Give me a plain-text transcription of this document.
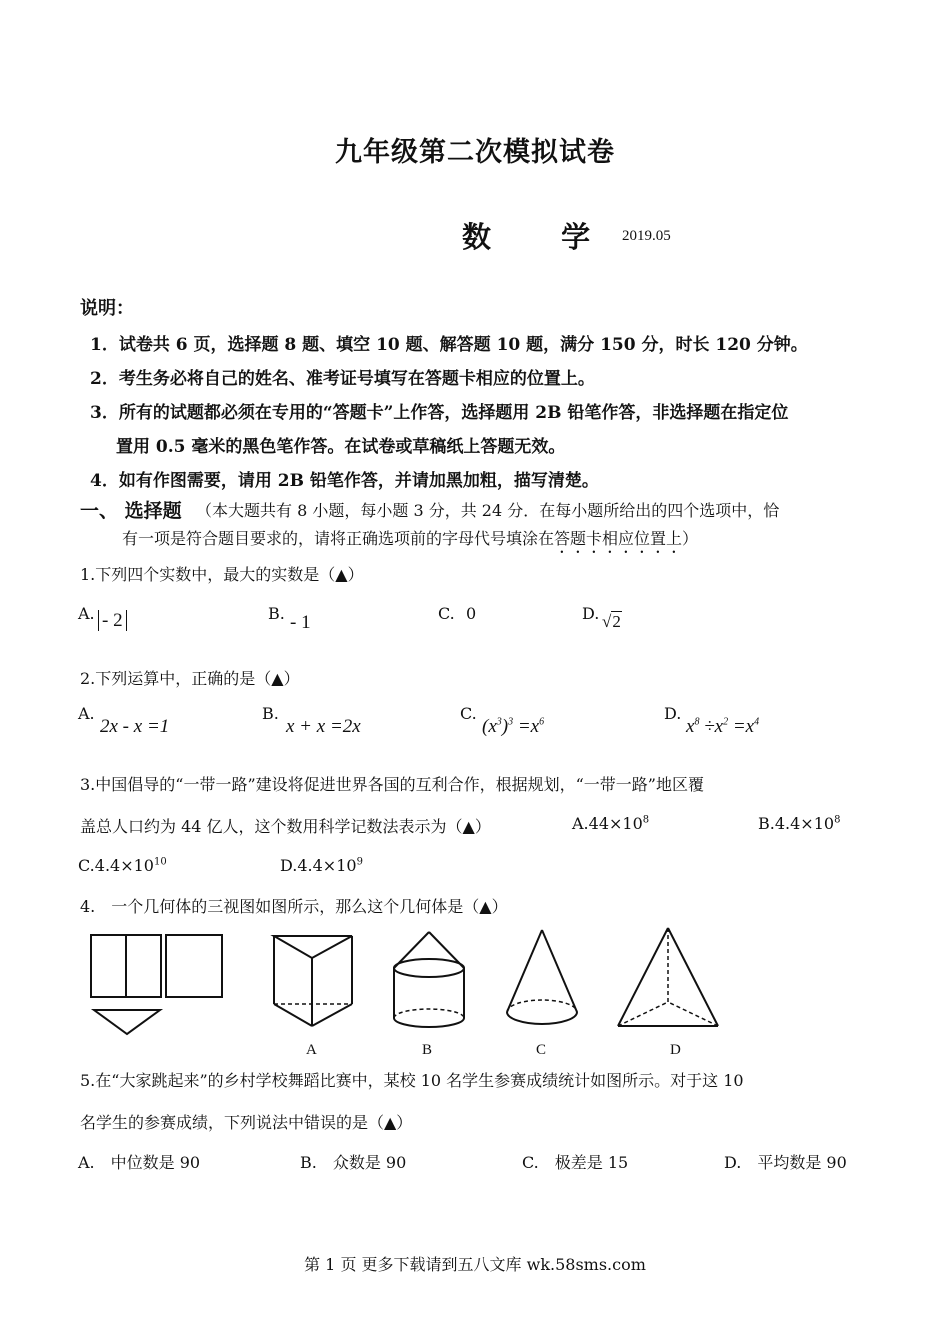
九年级第二次模拟试卷
数 学 2019.05
说明：
1．试卷共 6 页，选择题 8 题、填空 10 题、解答题 10 题，满分 150 分，时长 120 分钟。
2．考生务必将自己的姓名、准考证号填写在答题卡相应的位置上。
3．所有的试题都必须在专用的“答题卡”上作答，选择题用 2B 铅笔作答，非选择题在指定位
置用 0.5 毫米的黑色笔作答。在试卷或草稿纸上答题无效。
4．如有作图需要，请用 2B 铅笔作答，并请加黑加粗，描写清楚。
一、 选择题 （本大题共有 8 小题，每小题 3 分，共 24 分．在每小题所给出的四个选项中，恰
有一项是符合题目要求的，请将正确选项前的字母代号填涂在答题卡相应位置上）
1.下列四个实数中，最大的实数是（▲）
A. - 2	B. - 1	C. 0	D. √2
2.下列运算中，正确的是（▲）
A.
2x - x =1
B.
x + x =2x
C.
$(x^3)^3 =x^6$	D.
$x^8 \div x^2 =x^4$
3.中国倡导的“一带一路”建设将促进世界各国的互利合作，根据规划，“一带一路”地区覆
盖总人口约为 44 亿人，这个数用科学记数法表示为（▲）	$A.44\times 10^8$	$B.4.4\times 10^8$
$C.4.4\times 10^{10}$	$D.4.4\times 10^9$
4.　一个几何体的三视图如图所示，那么这个几何体是（▲）
A	B	C	D
5.在“大家跳起来”的乡村学校舞蹈比赛中，某校 10 名学生参赛成绩统计如图所示。对于这 10
名学生的参赛成绩，下列说法中错误的是（▲）
A.　中位数是 90	B.　众数是 90	C.　极差是 15	D.　平均数是 90
第 1 页 更多下载请到五八文库 wk.58sms.com
